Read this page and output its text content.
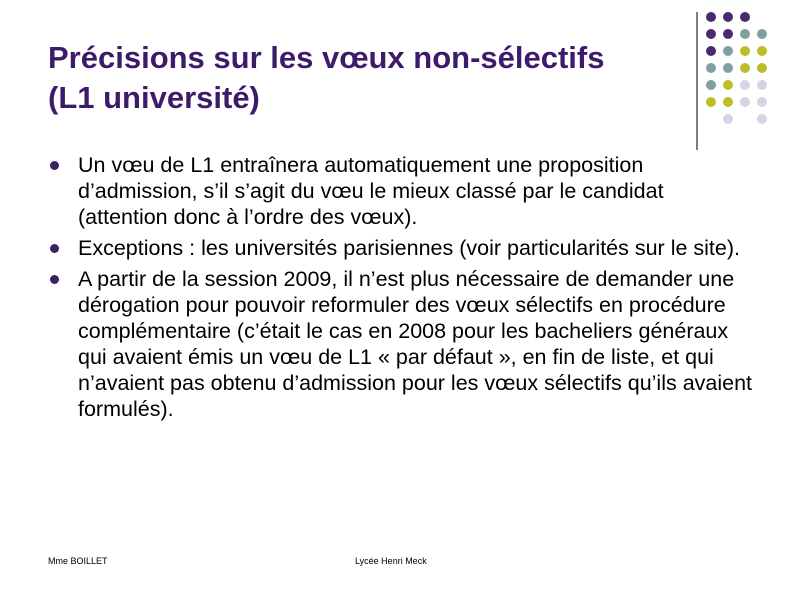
Précisions sur les vœux non-sélectifs
(L1 université)
Un vœu de L1 entraînera automatiquement une proposition d’admission, s’il s’agit du vœu le mieux classé par le candidat (attention donc à l’ordre des vœux).
Exceptions : les universités parisiennes (voir particularités sur le site).
A partir de la session 2009, il n’est plus nécessaire de demander une dérogation pour pouvoir reformuler des vœux sélectifs en procédure complémentaire (c’était le cas en 2008 pour les bacheliers généraux qui avaient émis un vœu de L1 « par défaut », en fin de liste, et qui n’avaient pas obtenu d’admission pour les vœux sélectifs qu’ils avaient formulés).
Mme BOILLET	Lycée Henri Meck
